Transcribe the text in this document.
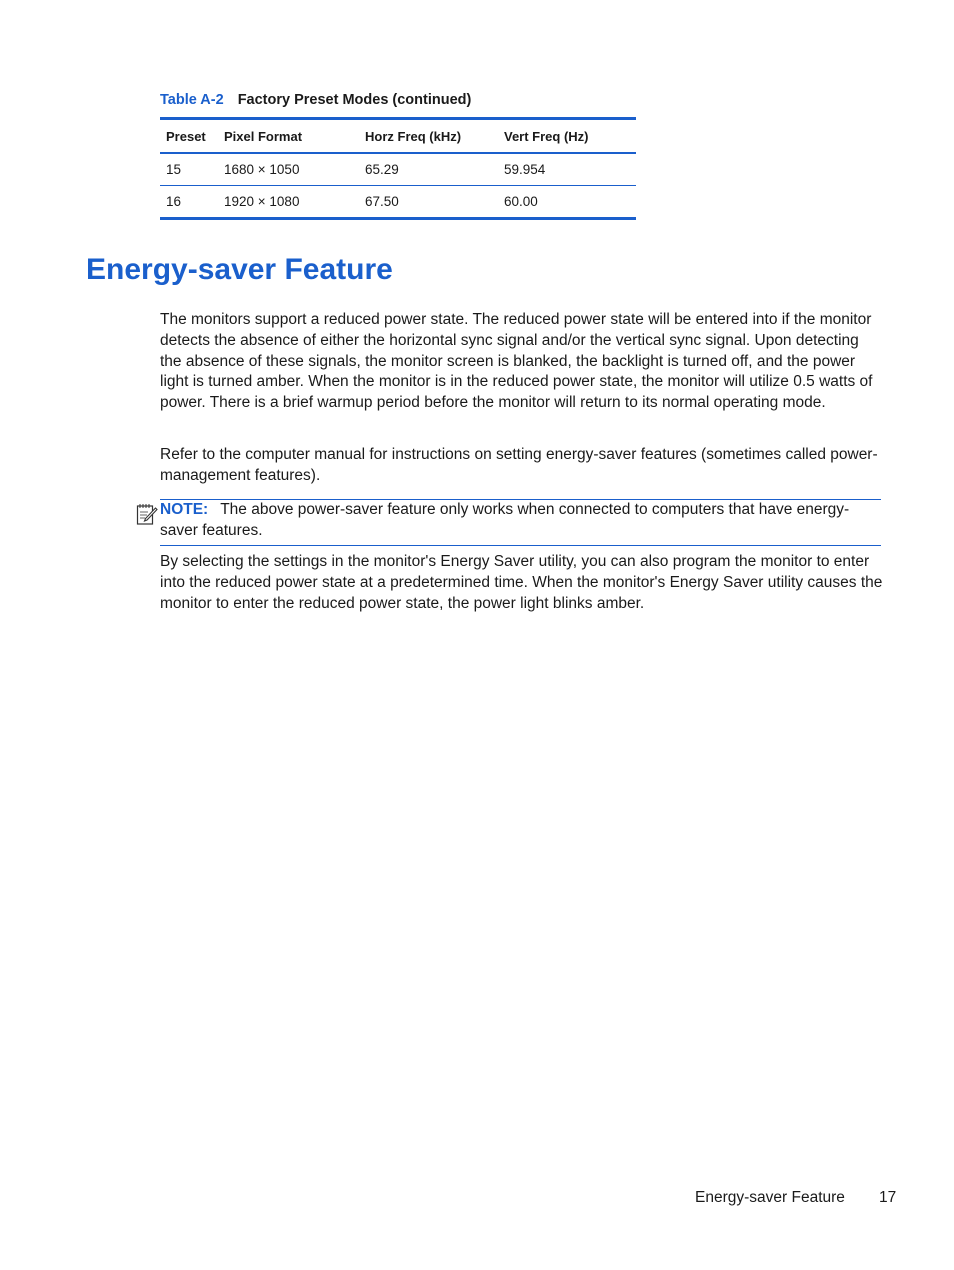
Table A-2 Factory Preset Modes (continued)
Preset	Pixel Format	Horz Freq (kHz)	Vert Freq (Hz)
15	1680 × 1050	65.29	59.954
16	1920 × 1080	67.50	60.00
Energy-saver Feature

The monitors support a reduced power state. The reduced power state will be entered into if the monitor detects the absence of either the horizontal sync signal and/or the vertical sync signal. Upon detecting the absence of these signals, the monitor screen is blanked, the backlight is turned off, and the power light is turned amber. When the monitor is in the reduced power state, the monitor will utilize 0.5 watts of power. There is a brief warmup period before the monitor will return to its normal operating mode.

Refer to the computer manual for instructions on setting energy-saver features (sometimes called power-management features).

NOTE: The above power-saver feature only works when connected to computers that have energy-saver features.

By selecting the settings in the monitor's Energy Saver utility, you can also program the monitor to enter into the reduced power state at a predetermined time. When the monitor's Energy Saver utility causes the monitor to enter the reduced power state, the power light blinks amber.

Energy-saver Feature 17
